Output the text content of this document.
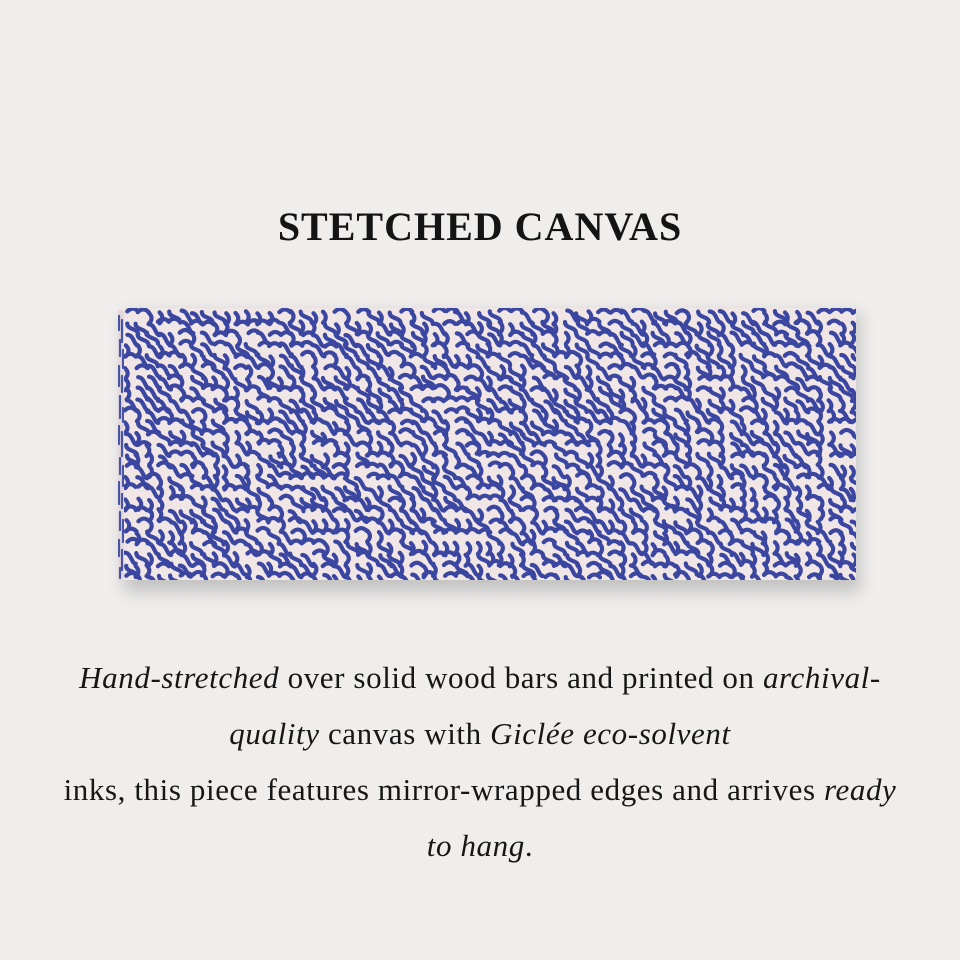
STETCHED CANVAS
Hand-stretched over solid wood bars and printed on archival-quality canvas with Giclée eco-solvent
inks, this piece features mirror-wrapped edges and arrives ready to hang.
